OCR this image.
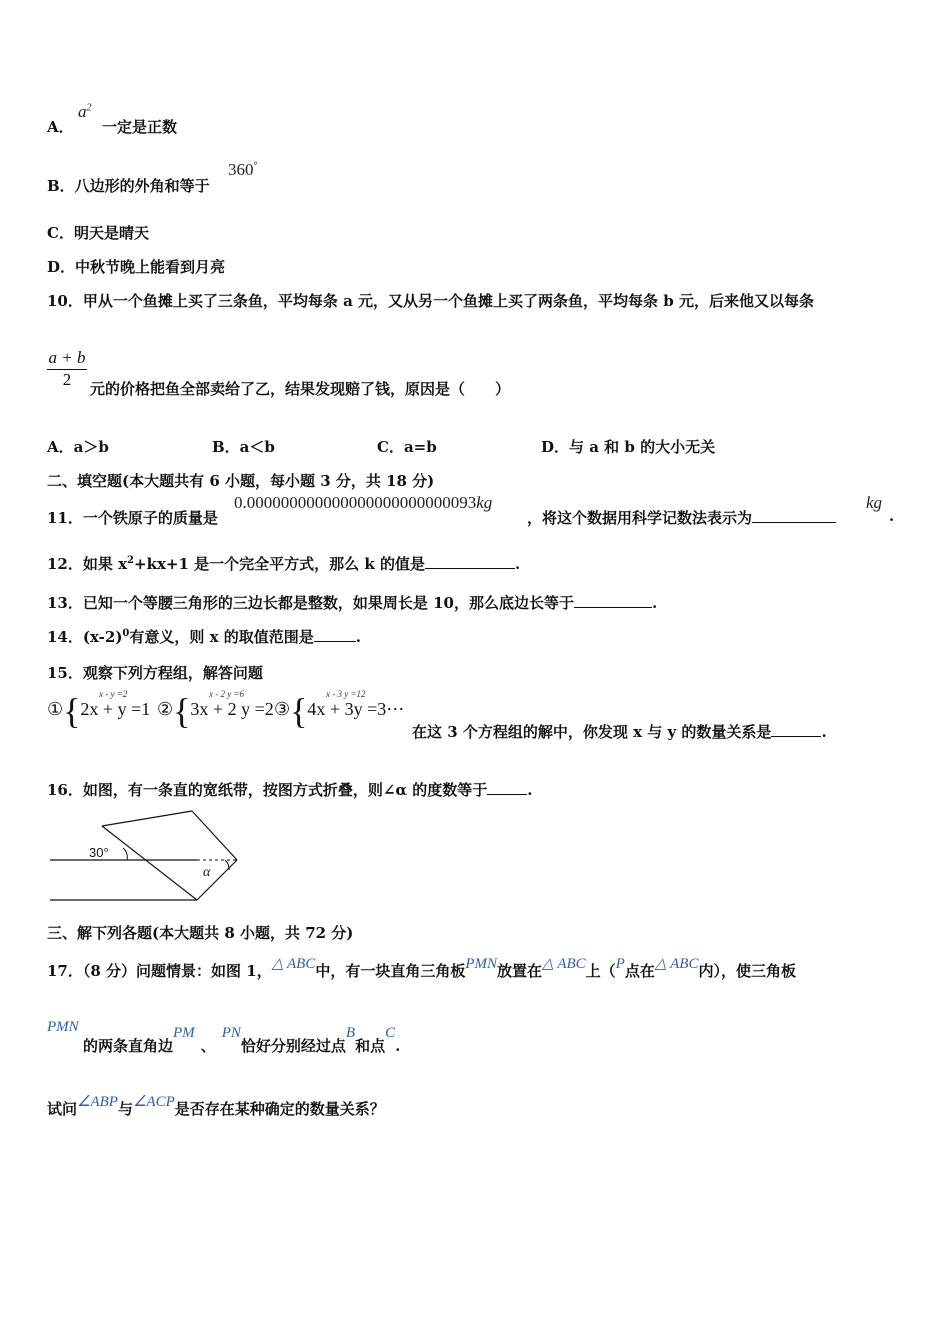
A．
$a^2$
一定是正数
B．八边形的外角和等于
360°
C．明天是晴天
D．中秋节晚上能看到月亮
10．甲从一个鱼摊上买了三条鱼，平均每条 a 元，又从另一个鱼摊上买了两条鱼，平均每条 b 元，后来他又以每条
$\frac{a + b}{2}$ 元的价格把鱼全部卖给了乙，结果发现赔了钱，原因是（　　）
A．a＞b	B．a＜b	C．a=b	D．与 a 和 b 的大小无关
二、填空题(本大题共有 6 小题，每小题 3 分，共 18 分)
11．一个铁原子的质量是
0.000000000000000000000000093kg
，将这个数据用科学记数法表示为
kg
.
12．如果 $x^2+kx+1$ 是一个完全平方式，那么 k 的值是	.
13．已知一个等腰三角形的三边长都是整数，如果周长是 10，那么底边长等于	.
14．$(x-2)^0$有意义，则 x 的取值范围是	.
15．观察下列方程组，解答问题
①{ x - y =2
2x + y =1 ②{ x - 2 y =6
3x + 2 y =2 ③{ x - 3 y =12
4x + 3y =3⋯
在这 3 个方程组的解中，你发现 x 与 y 的数量关系是	.
16．如图，有一条直的宽纸带，按图方式折叠，则∠α 的度数等于	.
30°
α
三、解下列各题(本大题共 8 小题，共 72 分)
17．（8 分）问题情景：如图 1，△ ABC中，有一块直角三角板PMN放置在△ ABC上（P点在△ ABC内），使三角板
PMN
的两条直角边PM、PN恰好分别经过点B和点C.
试问∠ABP与∠ACP是否存在某种确定的数量关系？
